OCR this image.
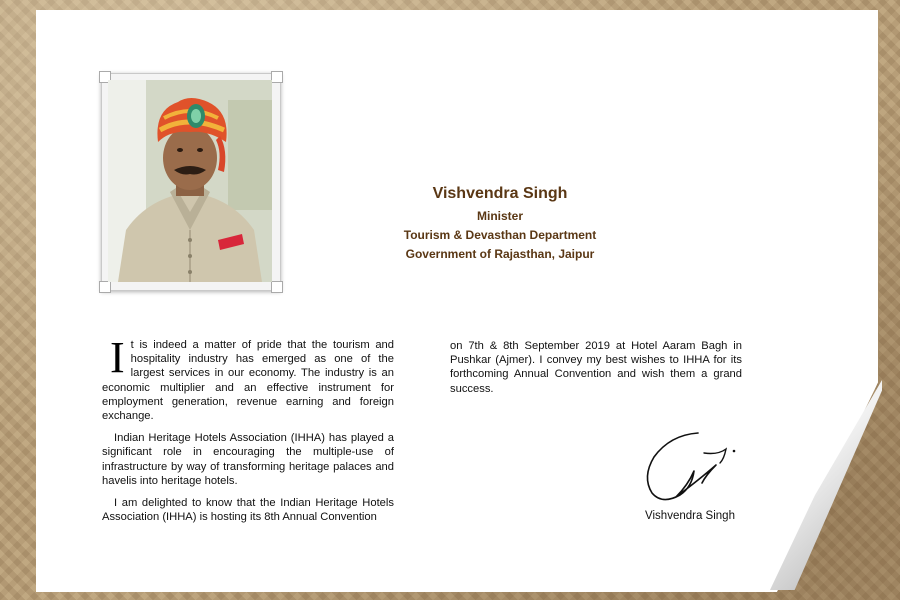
Vishvendra Singh
Minister
Tourism & Devasthan Department
Government of Rajasthan, Jaipur

It is indeed a matter of pride that the tourism and hospitality industry has emerged as one of the largest services in our economy. The industry is an economic multiplier and an effective instrument for employment generation, revenue earning and foreign exchange.

Indian Heritage Hotels Association (IHHA) has played a significant role in encouraging the multiple-use of infrastructure by way of transforming heritage palaces and havelis into heritage hotels.

I am delighted to know that the Indian Heritage Hotels Association (IHHA) is hosting its 8th Annual Convention

on 7th & 8th September 2019 at Hotel Aaram Bagh in Pushkar (Ajmer). I convey my best wishes to IHHA for its forthcoming Annual Convention and wish them a grand success.

Vishvendra Singh
